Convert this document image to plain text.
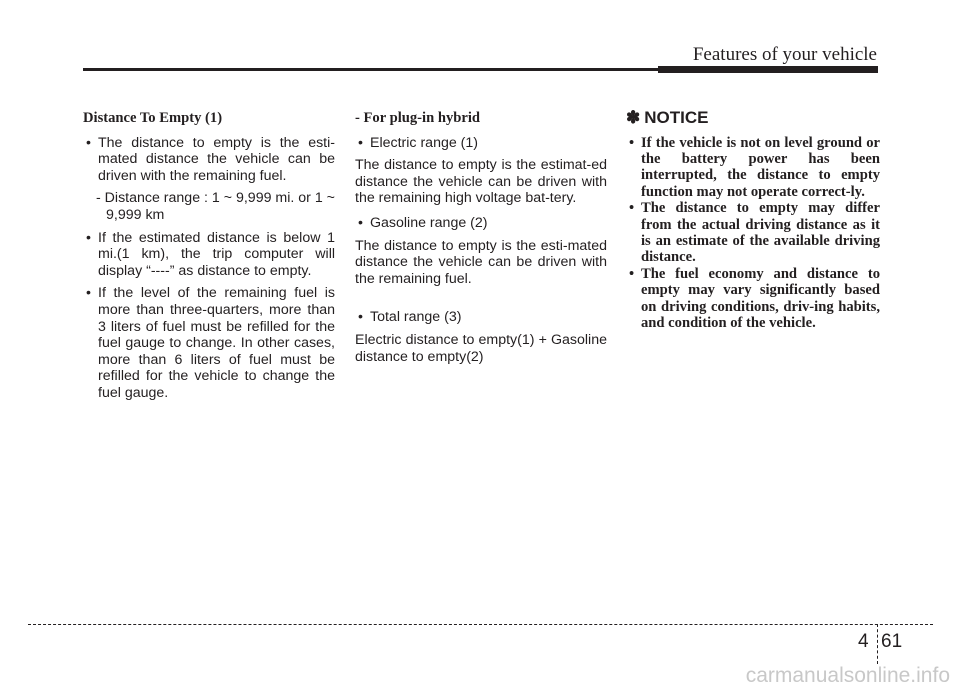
Features of your vehicle
Distance To Empty (1)
• The distance to empty is the esti-mated distance the vehicle can be driven with the remaining fuel.
- Distance range : 1 ~ 9,999 mi. or 1 ~ 9,999 km
• If the estimated distance is below 1 mi.(1 km), the trip computer will display “----” as distance to empty.
• If the level of the remaining fuel is more than three-quarters, more than 3 liters of fuel must be refilled for the fuel gauge to change. In other cases, more than 6 liters of fuel must be refilled for the vehicle to change the fuel gauge.
- For plug-in hybrid
• Electric range (1)
The distance to empty is the estimat-ed distance the vehicle can be driven with the remaining high voltage bat-tery.
• Gasoline range (2)
The distance to empty is the esti-mated distance the vehicle can be driven with the remaining fuel.
• Total range (3)
Electric distance to empty(1) + Gasoline distance to empty(2)
✽ NOTICE
• If the vehicle is not on level ground or the battery power has been interrupted, the distance to empty function may not operate correct-ly.
• The distance to empty may differ from the actual driving distance as it is an estimate of the available driving distance.
• The fuel economy and distance to empty may vary significantly based on driving conditions, driv-ing habits, and condition of the vehicle.
4 61
carmanualsonline.info
